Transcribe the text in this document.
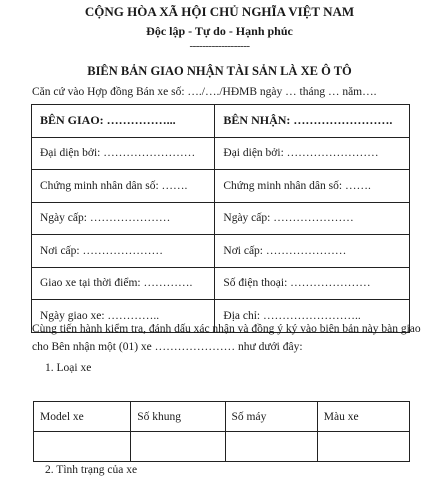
CỘNG HÒA XÃ HỘI CHỦ NGHĨA VIỆT NAM
Độc lập - Tự do - Hạnh phúc
-------------------
BIÊN BẢN GIAO NHẬN TÀI SẢN LÀ XE Ô TÔ
Căn cứ vào Hợp đồng Bán xe số: …./…./HĐMB ngày … tháng … năm….
BÊN GIAO: ……………...	BÊN NHẬN: …………………….
Đại diện bởi: ……………………	Đại diện bởi: ……………………
Chứng minh nhân dân số: …….	Chứng minh nhân dân số: …….
Ngày cấp: …………………	Ngày cấp: …………………
Nơi cấp: …………………	Nơi cấp: …………………
Giao xe tại thời điểm: ………….	Số điện thoại: …………………
Ngày giao xe: …………..	Địa chỉ: ……………………..
Cùng tiến hành kiểm tra, đánh dấu xác nhận và đồng ý ký vào biên bản này bàn giao cho Bên nhận một (01) xe ………………… như dưới đây:
1. Loại xe
Model xe	Số khung	Số máy	Màu xe

2. Tình trạng của xe
